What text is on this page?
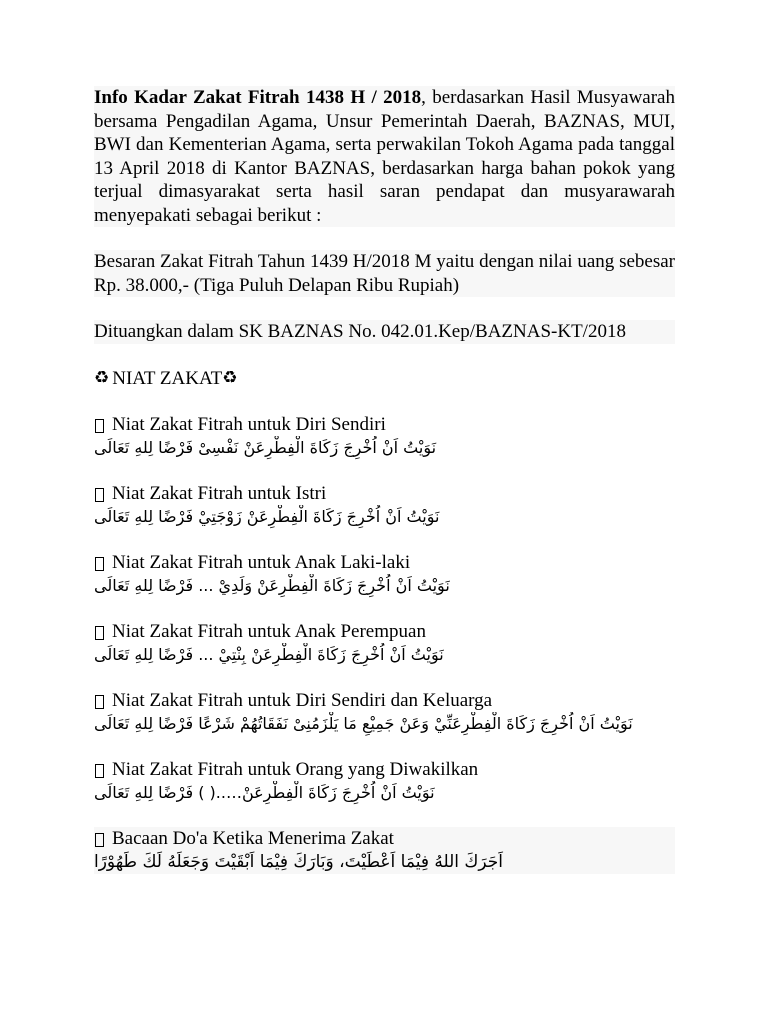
Info Kadar Zakat Fitrah 1438 H / 2018, berdasarkan Hasil Musyawarah bersama Pengadilan Agama, Unsur Pemerintah Daerah, BAZNAS, MUI, BWI dan Kementerian Agama, serta perwakilan Tokoh Agama pada tanggal 13 April 2018 di Kantor BAZNAS, berdasarkan harga bahan pokok yang terjual dimasyarakat serta hasil saran pendapat dan musyarawarah menyepakati sebagai berikut :

Besaran Zakat Fitrah Tahun 1439 H/2018 M yaitu dengan nilai uang sebesar Rp. 38.000,- (Tiga Puluh Delapan Ribu Rupiah)

Dituangkan dalam SK BAZNAS No. 042.01.Kep/BAZNAS-KT/2018

♻ NIAT ZAKAT ♻

Niat Zakat Fitrah untuk Diri Sendiri

نَوَيْتُ اَنْ اُخْرِجَ زَكَاةَ الْفِطْرِعَنْ نَفْسِىْ فَرْضًا لِلهِ تَعَالَى

Niat Zakat Fitrah untuk Istri

نَوَيْتُ اَنْ اُخْرِجَ زَكَاةَ الْفِطْرِعَنْ زَوْجَتِيْ فَرْضًا لِلهِ تَعَالَى

Niat Zakat Fitrah untuk Anak Laki-laki

نَوَيْتُ اَنْ اُخْرِجَ زَكَاةَ الْفِطْرِعَنْ وَلَدِيْ ... فَرْضًا لِلهِ تَعَالَى

Niat Zakat Fitrah untuk Anak Perempuan

نَوَيْتُ اَنْ اُخْرِجَ زَكَاةَ الْفِطْرِعَنْ بِنْتِيْ ... فَرْضًا لِلهِ تَعَالَى

Niat Zakat Fitrah untuk Diri Sendiri dan Keluarga

نَوَيْتُ اَنْ اُخْرِجَ زَكَاةَ الْفِطْرِعَنِّيْ وَعَنْ جَمِيْعِ مَا يَلْزَمُنِىْ نَفَقَاتُهُمْ شَرْعًا فَرْضًا لِلهِ تَعَالَى

Niat Zakat Fitrah untuk Orang yang Diwakilkan

نَوَيْتُ اَنْ اُخْرِجَ زَكَاةَ الْفِطْرِعَنْ…..( ) فَرْضًا لِلهِ تَعَالَى

Bacaan Do'a Ketika Menerima Zakat

اَجَرَكَ اللهُ فِيْمَا اَعْطَيْتَ، وَبَارَكَ فِيْمَا اَبْقَيْتَ وَجَعَلَهُ لَكَ طَهُوْرًا
